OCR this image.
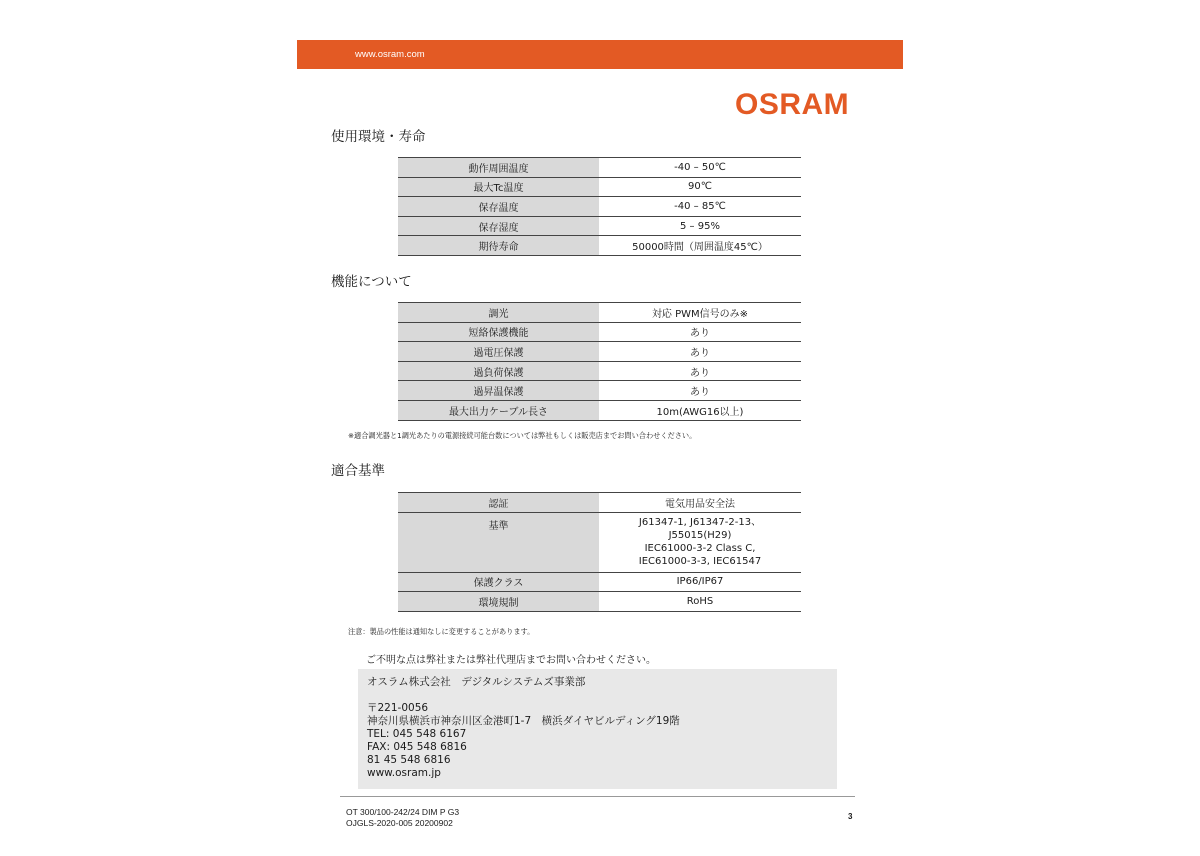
www.osram.com
OSRAM
使用環境・寿命
動作周囲温度	-40 – 50℃
最大Tc温度	90℃
保存温度	-40 – 85℃
保存湿度	5 – 95%
期待寿命	50000時間（周囲温度45℃）
機能について
調光	対応 PWM信号のみ※
短絡保護機能	あり
過電圧保護	あり
過負荷保護	あり
過昇温保護	あり
最大出力ケーブル長さ	10m(AWG16以上)
※適合調光器と1調光あたりの電源接続可能台数については弊社もしくは販売店までお問い合わせください。
適合基準
認証	電気用品安全法
基準	J61347-1, J61347-2-13、
J55015(H29)
IEC61000-3-2 Class C,
IEC61000-3-3, IEC61547

保護クラス	IP66/IP67
環境規制	RoHS
注意：製品の性能は通知なしに変更することがあります。
ご不明な点は弊社または弊社代理店までお問い合わせください。
オスラム株式会社　デジタルシステムズ事業部
〒221-0056
神奈川県横浜市神奈川区金港町1-7　横浜ダイヤビルディング19階
TEL: 045 548 6167
FAX: 045 548 6816
81 45 548 6816
www.osram.jp
OT 300/100-242/24 DIM P G3
OJGLS-2020-005 20200902
3
